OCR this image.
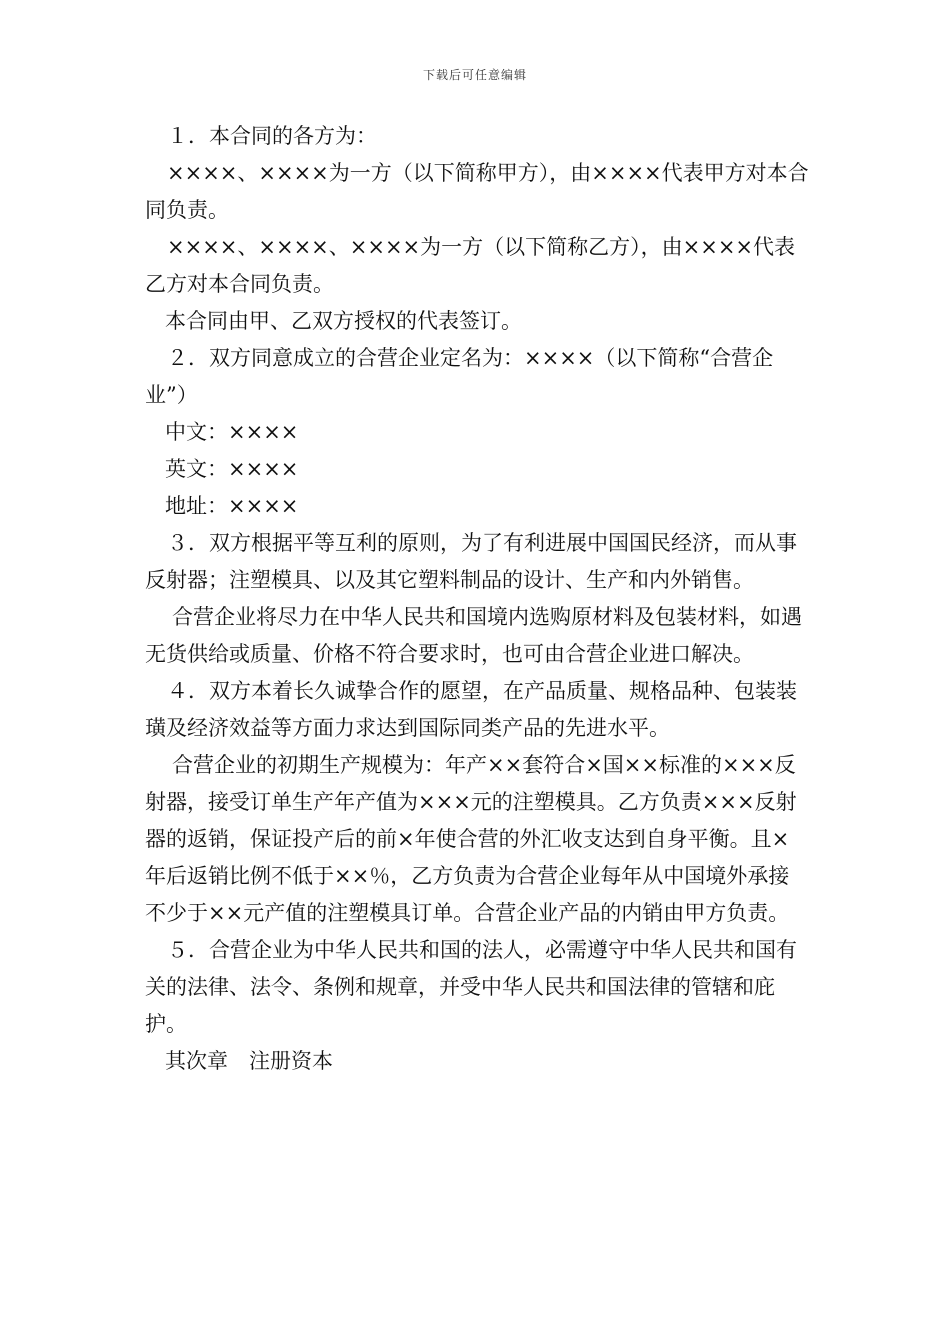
下载后可任意编辑

１．本合同的各方为：

××××、××××为一方（以下简称甲方），由××××代表甲方对本合同负责。

××××、××××、××××为一方（以下简称乙方），由××××代表乙方对本合同负责。

本合同由甲、乙双方授权的代表签订。

２．双方同意成立的合营企业定名为：××××（以下简称“合营企业”）

中文：××××

英文：××××

地址：××××

３．双方根据平等互利的原则，为了有利进展中国国民经济，而从事反射器；注塑模具、以及其它塑料制品的设计、生产和内外销售。

合营企业将尽力在中华人民共和国境内选购原材料及包装材料，如遇无货供给或质量、价格不符合要求时，也可由合营企业进口解决。

４．双方本着长久诚挚合作的愿望，在产品质量、规格品种、包装装璜及经济效益等方面力求达到国际同类产品的先进水平。

合营企业的初期生产规模为：年产××套符合×国××标准的×××反射器，接受订单生产年产值为×××元的注塑模具。乙方负责×××反射器的返销，保证投产后的前×年使合营的外汇收支达到自身平衡。且×年后返销比例不低于××％，乙方负责为合营企业每年从中国境外承接不少于××元产值的注塑模具订单。合营企业产品的内销由甲方负责。

５．合营企业为中华人民共和国的法人，必需遵守中华人民共和国有关的法律、法令、条例和规章，并受中华人民共和国法律的管辖和庇护。

其次章　注册资本
